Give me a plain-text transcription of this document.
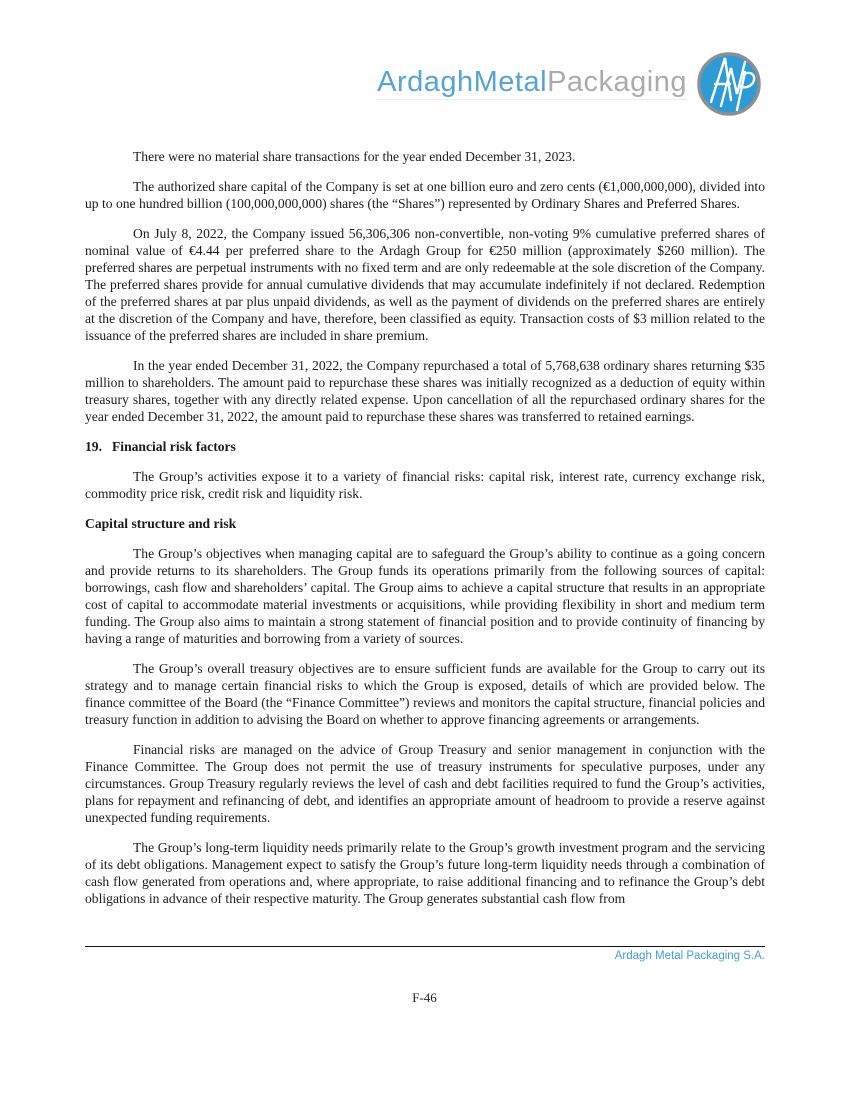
ArdaghMetalPackaging

There were no material share transactions for the year ended December 31, 2023.

The authorized share capital of the Company is set at one billion euro and zero cents (€1,000,000,000), divided into up to one hundred billion (100,000,000,000) shares (the “Shares”) represented by Ordinary Shares and Preferred Shares.

On July 8, 2022, the Company issued 56,306,306 non-convertible, non-voting 9% cumulative preferred shares of nominal value of €4.44 per preferred share to the Ardagh Group for €250 million (approximately $260 million). The preferred shares are perpetual instruments with no fixed term and are only redeemable at the sole discretion of the Company. The preferred shares provide for annual cumulative dividends that may accumulate indefinitely if not declared. Redemption of the preferred shares at par plus unpaid dividends, as well as the payment of dividends on the preferred shares are entirely at the discretion of the Company and have, therefore, been classified as equity. Transaction costs of $3 million related to the issuance of the preferred shares are included in share premium.

In the year ended December 31, 2022, the Company repurchased a total of 5,768,638 ordinary shares returning $35 million to shareholders. The amount paid to repurchase these shares was initially recognized as a deduction of equity within treasury shares, together with any directly related expense. Upon cancellation of all the repurchased ordinary shares for the year ended December 31, 2022, the amount paid to repurchase these shares was transferred to retained earnings.

19. Financial risk factors

The Group’s activities expose it to a variety of financial risks: capital risk, interest rate, currency exchange risk, commodity price risk, credit risk and liquidity risk.

Capital structure and risk

The Group’s objectives when managing capital are to safeguard the Group’s ability to continue as a going concern and provide returns to its shareholders. The Group funds its operations primarily from the following sources of capital: borrowings, cash flow and shareholders’ capital. The Group aims to achieve a capital structure that results in an appropriate cost of capital to accommodate material investments or acquisitions, while providing flexibility in short and medium term funding. The Group also aims to maintain a strong statement of financial position and to provide continuity of financing by having a range of maturities and borrowing from a variety of sources.

The Group’s overall treasury objectives are to ensure sufficient funds are available for the Group to carry out its strategy and to manage certain financial risks to which the Group is exposed, details of which are provided below. The finance committee of the Board (the “Finance Committee”) reviews and monitors the capital structure, financial policies and treasury function in addition to advising the Board on whether to approve financing agreements or arrangements.

Financial risks are managed on the advice of Group Treasury and senior management in conjunction with the Finance Committee. The Group does not permit the use of treasury instruments for speculative purposes, under any circumstances. Group Treasury regularly reviews the level of cash and debt facilities required to fund the Group’s activities, plans for repayment and refinancing of debt, and identifies an appropriate amount of headroom to provide a reserve against unexpected funding requirements.

The Group’s long-term liquidity needs primarily relate to the Group’s growth investment program and the servicing of its debt obligations. Management expect to satisfy the Group’s future long-term liquidity needs through a combination of cash flow generated from operations and, where appropriate, to raise additional financing and to refinance the Group’s debt obligations in advance of their respective maturity. The Group generates substantial cash flow from

Ardagh Metal Packaging S.A.
F-46
